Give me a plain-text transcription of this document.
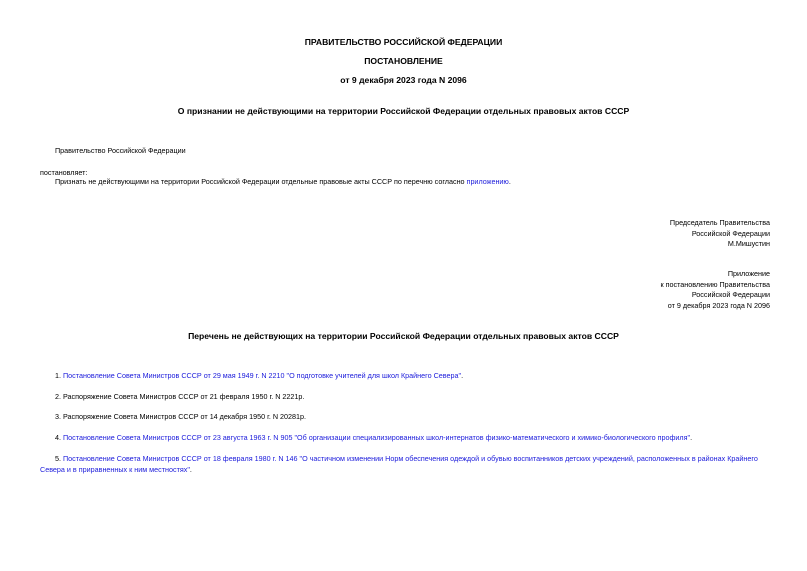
ПРАВИТЕЛЬСТВО РОССИЙСКОЙ ФЕДЕРАЦИИ
ПОСТАНОВЛЕНИЕ
от 9 декабря 2023 года N 2096
О признании не действующими на территории Российской Федерации отдельных правовых актов СССР
Правительство Российской Федерации
постановляет:
Признать не действующими на территории Российской Федерации отдельные правовые акты СССР по перечню согласно приложению.
Председатель Правительства
Российской Федерации
М.Мишустин
Приложение
к постановлению Правительства
Российской Федерации
от 9 декабря 2023 года N 2096
Перечень не действующих на территории Российской Федерации отдельных правовых актов СССР
1. Постановление Совета Министров СССР от 29 мая 1949 г. N 2210 "О подготовке учителей для школ Крайнего Севера".
2. Распоряжение Совета Министров СССР от 21 февраля 1950 г. N 2221р.
3. Распоряжение Совета Министров СССР от 14 декабря 1950 г. N 20281р.
4. Постановление Совета Министров СССР от 23 августа 1963 г. N 905 "Об организации специализированных школ-интернатов физико-математического и химико-биологического профиля".
5. Постановление Совета Министров СССР от 18 февраля 1980 г. N 146 "О частичном изменении Норм обеспечения одеждой и обувью воспитанников детских учреждений, расположенных в районах Крайнего
Севера и в приравненных к ним местностях".
